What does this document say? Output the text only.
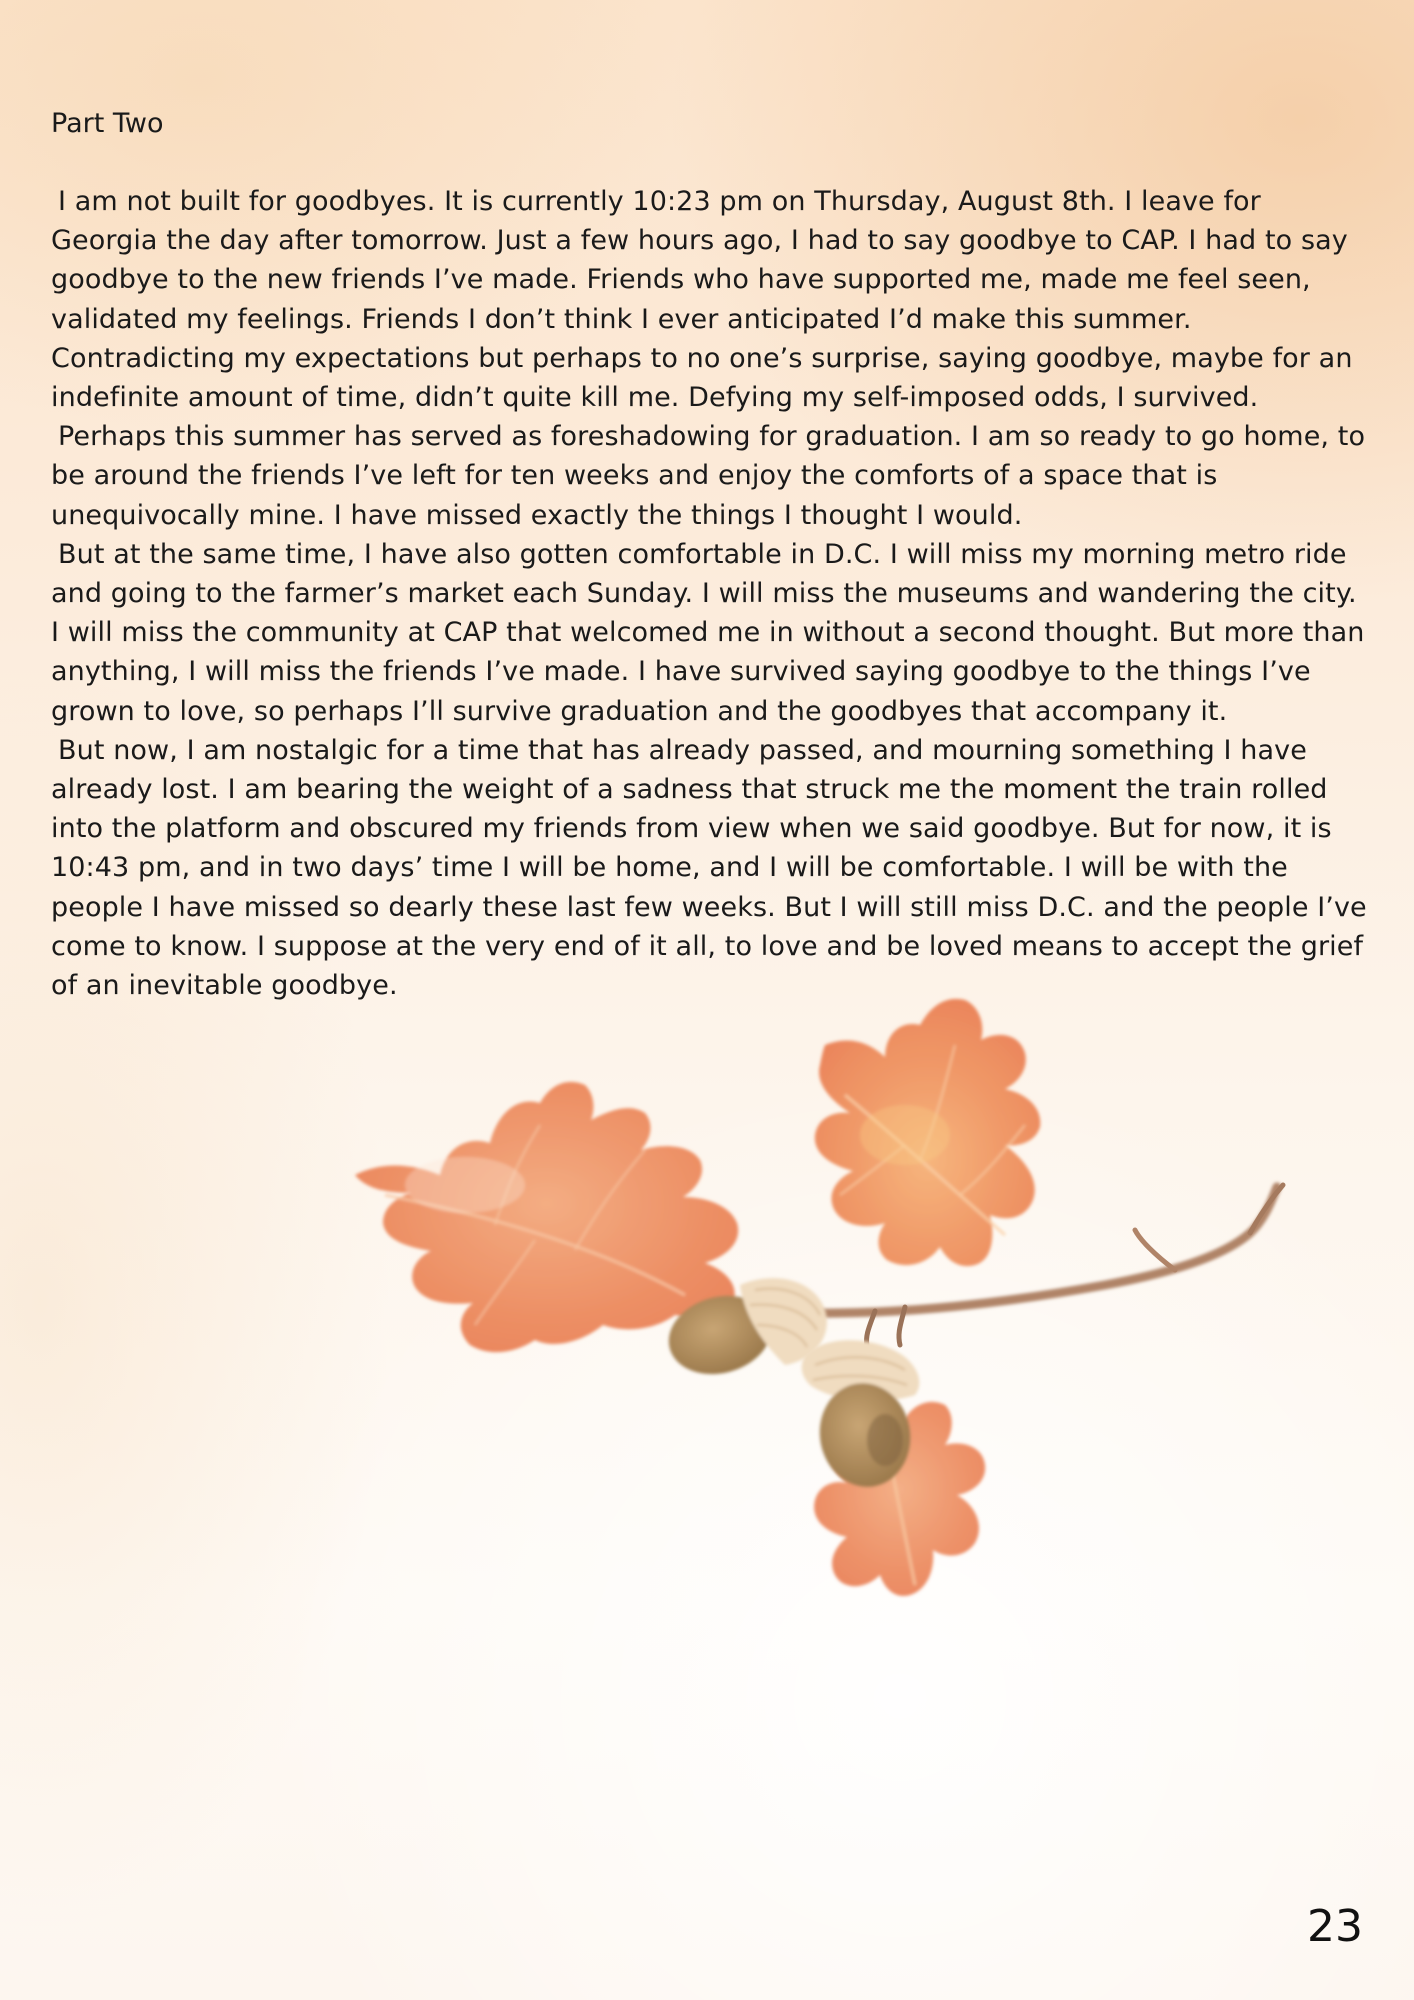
Part Two

I am not built for goodbyes. It is currently 10:23 pm on Thursday, August 8th. I leave for Georgia the day after tomorrow. Just a few hours ago, I had to say goodbye to CAP. I had to say goodbye to the new friends I’ve made. Friends who have supported me, made me feel seen, validated my feelings. Friends I don’t think I ever anticipated I’d make this summer. Contradicting my expectations but perhaps to no one’s surprise, saying goodbye, maybe for an indefinite amount of time, didn’t quite kill me. Defying my self-imposed odds, I survived.

Perhaps this summer has served as foreshadowing for graduation. I am so ready to go home, to be around the friends I’ve left for ten weeks and enjoy the comforts of a space that is unequivocally mine. I have missed exactly the things I thought I would.

But at the same time, I have also gotten comfortable in D.C. I will miss my morning metro ride and going to the farmer’s market each Sunday. I will miss the museums and wandering the city. I will miss the community at CAP that welcomed me in without a second thought. But more than anything, I will miss the friends I’ve made. I have survived saying goodbye to the things I’ve grown to love, so perhaps I’ll survive graduation and the goodbyes that accompany it.

But now, I am nostalgic for a time that has already passed, and mourning something I have already lost. I am bearing the weight of a sadness that struck me the moment the train rolled into the platform and obscured my friends from view when we said goodbye. But for now, it is 10:43 pm, and in two days’ time I will be home, and I will be comfortable. I will be with the people I have missed so dearly these last few weeks. But I will still miss D.C. and the people I’ve come to know. I suppose at the very end of it all, to love and be loved means to accept the grief of an inevitable goodbye.

23
